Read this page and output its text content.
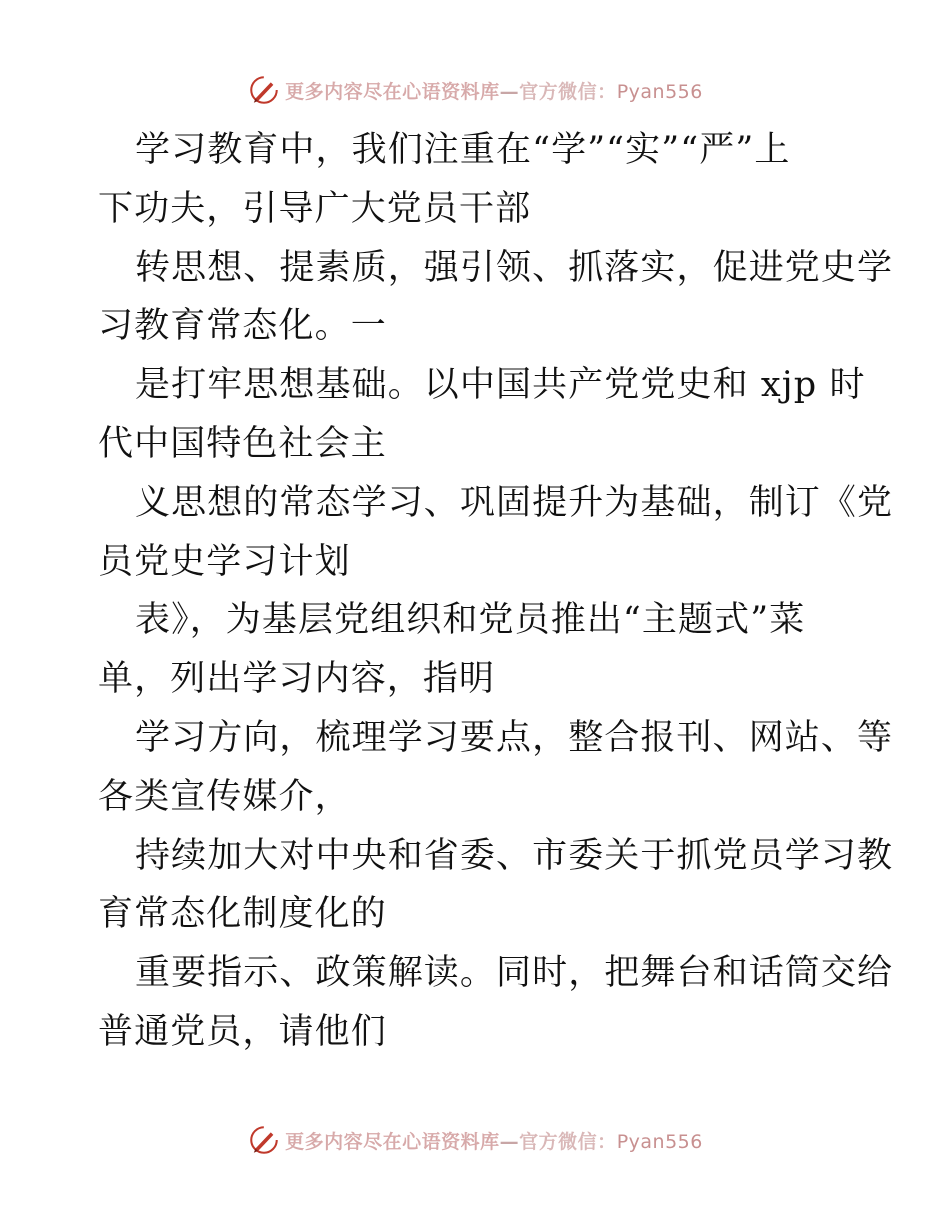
更多内容尽在心语资料库—官方微信：Pyan556
学习教育中，我们注重在“学”“实”“严”上
下功夫，引导广大党员干部
转思想、提素质，强引领、抓落实，促进党史学
习教育常态化。一
是打牢思想基础。以中国共产党党史和 xjp 时
代中国特色社会主
义思想的常态学习、巩固提升为基础，制订《党
员党史学习计划
表》，为基层党组织和党员推出“主题式”菜
单，列出学习内容，指明
学习方向，梳理学习要点，整合报刊、网站、等
各类宣传媒介，
持续加大对中央和省委、市委关于抓党员学习教
育常态化制度化的
重要指示、政策解读。同时，把舞台和话筒交给
普通党员，请他们
更多内容尽在心语资料库—官方微信：Pyan556
